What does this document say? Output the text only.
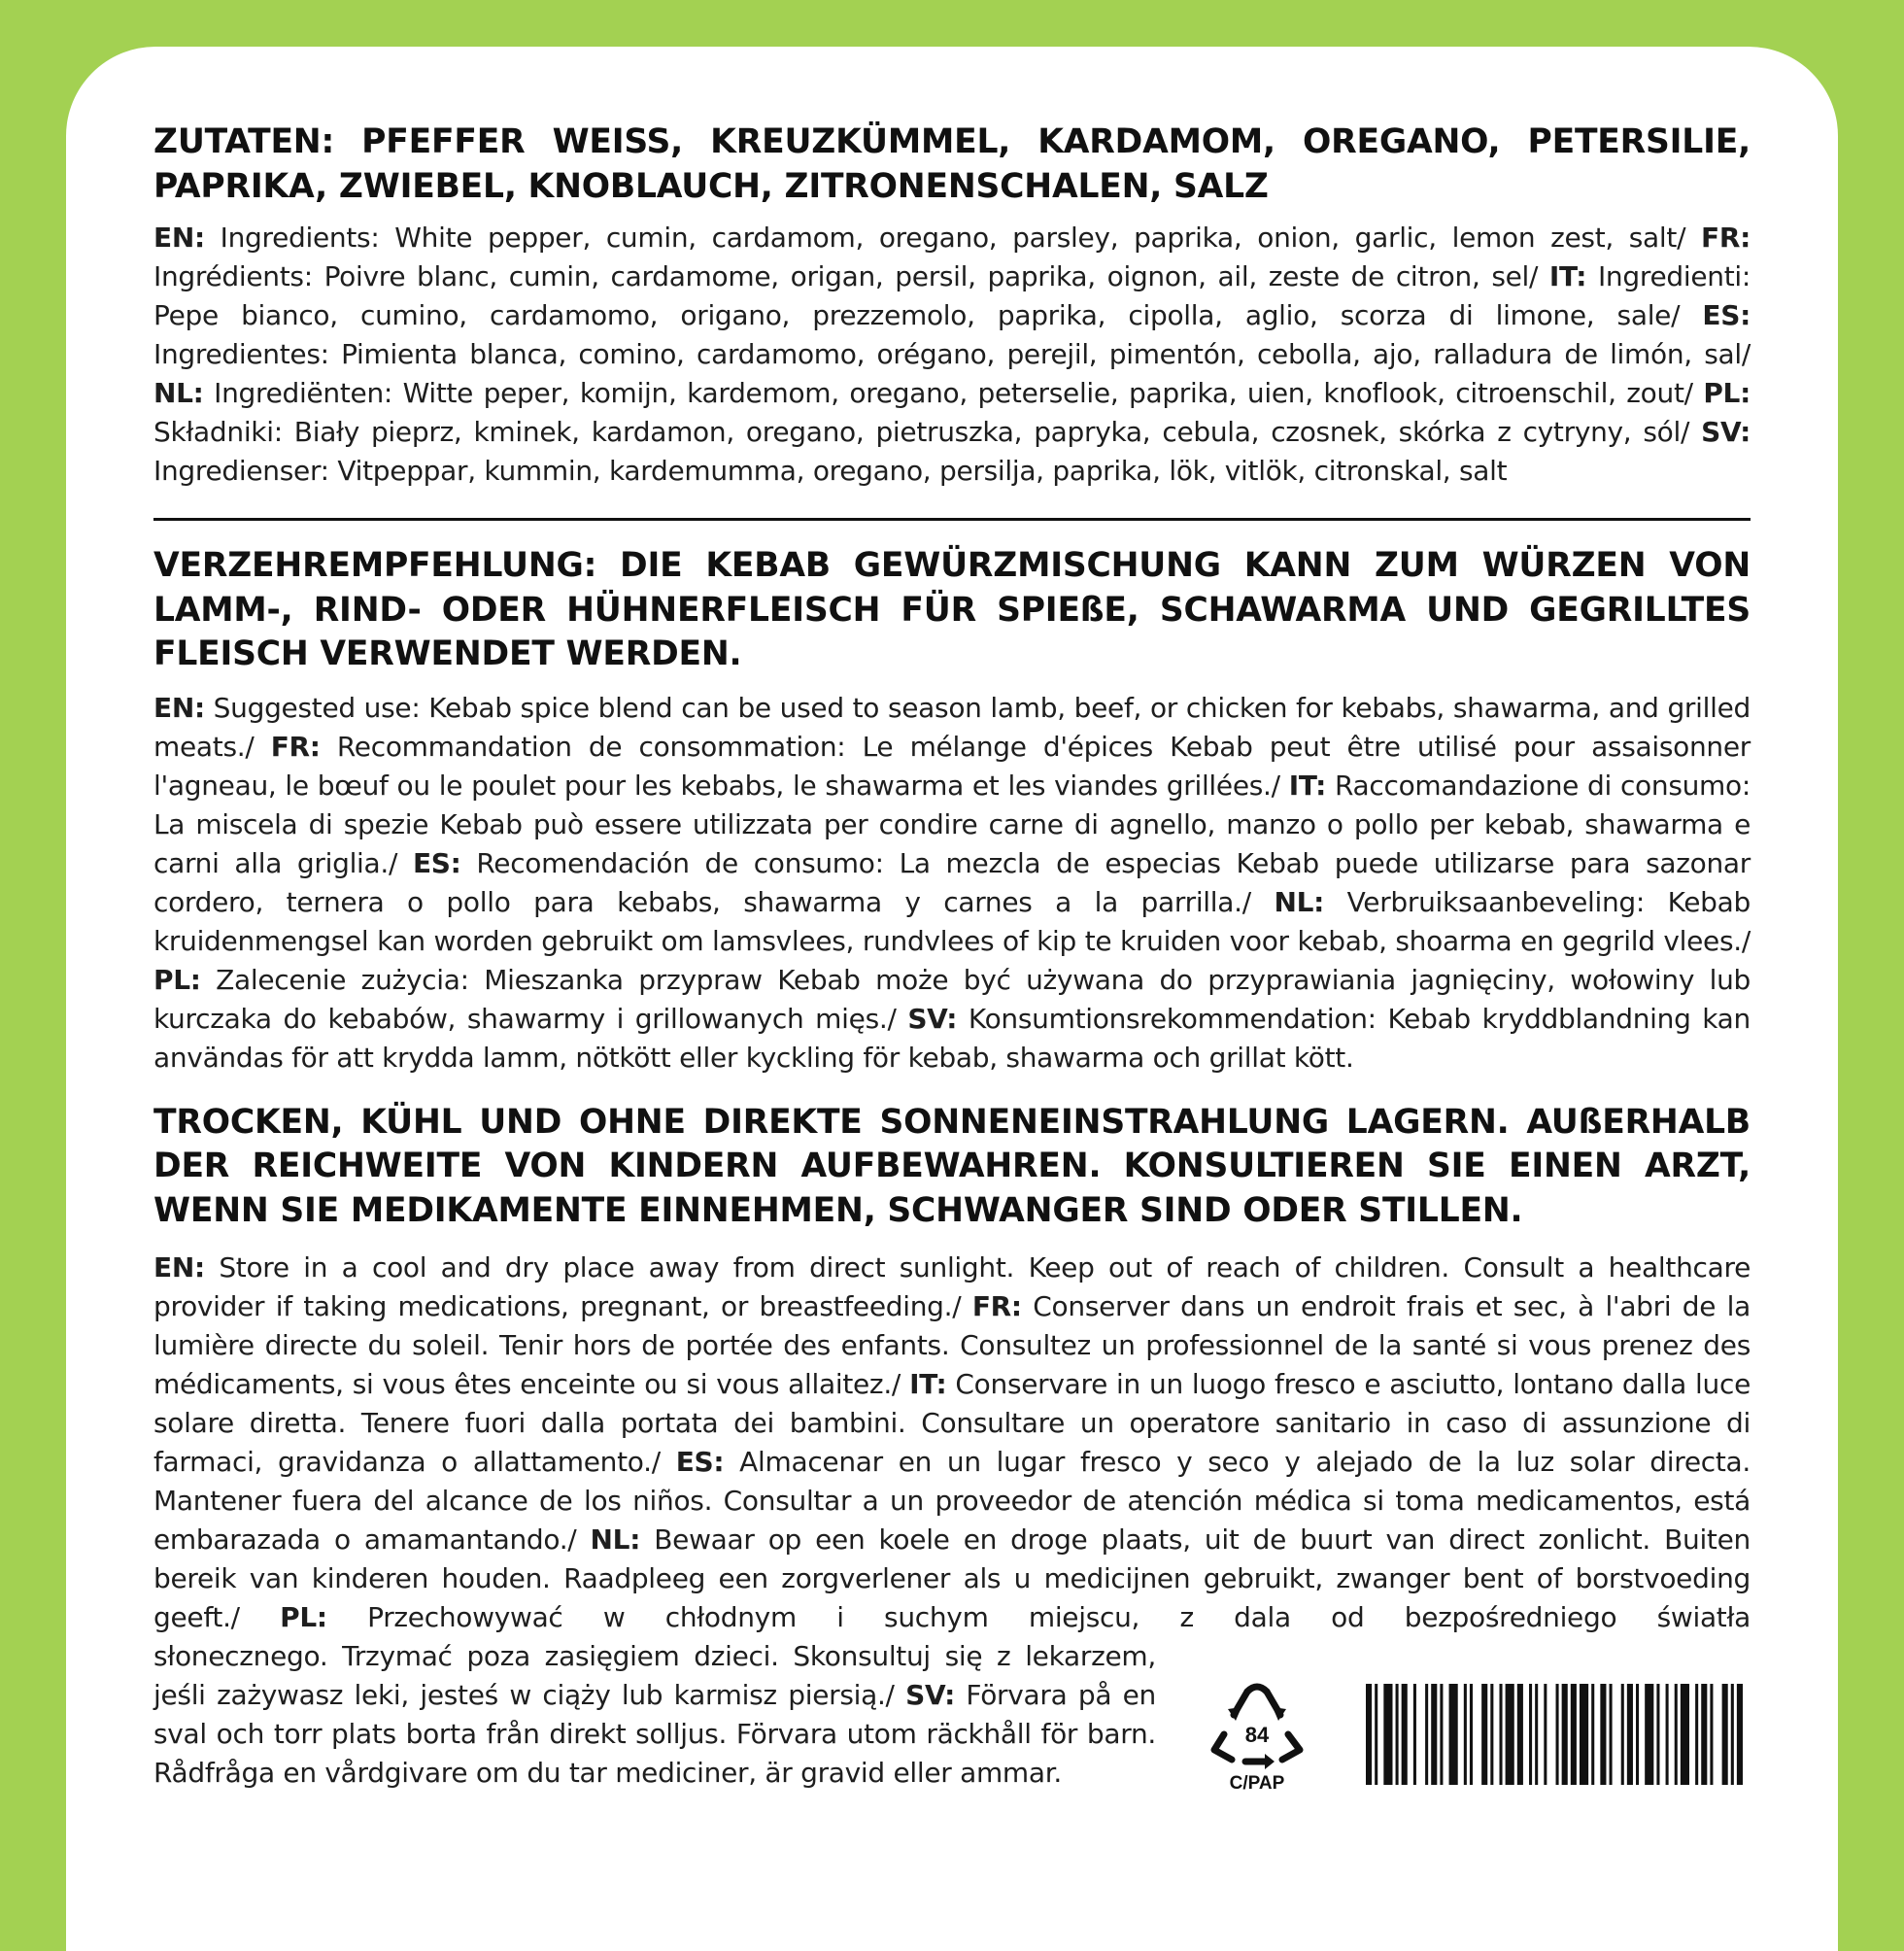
ZUTATEN: PFEFFER WEISS, KREUZKÜMMEL, KARDAMOM, OREGANO, PETERSILIE, PAPRIKA, ZWIEBEL, KNOBLAUCH, ZITRONENSCHALEN, SALZ

EN: Ingredients: White pepper, cumin, cardamom, oregano, parsley, paprika, onion, garlic, lemon zest, salt/ FR: Ingrédients: Poivre blanc, cumin, cardamome, origan, persil, paprika, oignon, ail, zeste de citron, sel/ IT: Ingredienti: Pepe bianco, cumino, cardamomo, origano, prezzemolo, paprika, cipolla, aglio, scorza di limone, sale/ ES: Ingredientes: Pimienta blanca, comino, cardamomo, orégano, perejil, pimentón, cebolla, ajo, ralladura de limón, sal/ NL: Ingrediënten: Witte peper, komijn, kardemom, oregano, peterselie, paprika, uien, knoflook, citroenschil, zout/ PL: Składniki: Biały pieprz, kminek, kardamon, oregano, pietruszka, papryka, cebula, czosnek, skórka z cytryny, sól/ SV: Ingredienser: Vitpeppar, kummin, kardemumma, oregano, persilja, paprika, lök, vitlök, citronskal, salt

VERZEHREMPFEHLUNG: DIE KEBAB GEWÜRZMISCHUNG KANN ZUM WÜRZEN VON LAMM-, RIND- ODER HÜHNERFLEISCH FÜR SPIEßE, SCHAWARMA UND GEGRILLTES FLEISCH VERWENDET WERDEN.

EN: Suggested use: Kebab spice blend can be used to season lamb, beef, or chicken for kebabs, shawarma, and grilled meats./ FR: Recommandation de consommation: Le mélange d'épices Kebab peut être utilisé pour assaisonner l'agneau, le bœuf ou le poulet pour les kebabs, le shawarma et les viandes grillées./ IT: Raccomandazione di consumo: La miscela di spezie Kebab può essere utilizzata per condire carne di agnello, manzo o pollo per kebab, shawarma e carni alla griglia./ ES: Recomendación de consumo: La mezcla de especias Kebab puede utilizarse para sazonar cordero, ternera o pollo para kebabs, shawarma y carnes a la parrilla./ NL: Verbruiksaanbeveling: Kebab kruidenmengsel kan worden gebruikt om lamsvlees, rundvlees of kip te kruiden voor kebab, shoarma en gegrild vlees./ PL: Zalecenie zużycia: Mieszanka przypraw Kebab może być używana do przyprawiania jagnięciny, wołowiny lub kurczaka do kebabów, shawarmy i grillowanych mięs./ SV: Konsumtionsrekommendation: Kebab kryddblandning kan användas för att krydda lamm, nötkött eller kyckling för kebab, shawarma och grillat kött.

TROCKEN, KÜHL UND OHNE DIREKTE SONNENEINSTRAHLUNG LAGERN. AUßERHALB DER REICHWEITE VON KINDERN AUFBEWAHREN. KONSULTIEREN SIE EINEN ARZT, WENN SIE MEDIKAMENTE EINNEHMEN, SCHWANGER SIND ODER STILLEN.

EN: Store in a cool and dry place away from direct sunlight. Keep out of reach of children. Consult a healthcare provider if taking medications, pregnant, or breastfeeding./ FR: Conserver dans un endroit frais et sec, à l'abri de la lumière directe du soleil. Tenir hors de portée des enfants. Consultez un professionnel de la santé si vous prenez des médicaments, si vous êtes enceinte ou si vous allaitez./ IT: Conservare in un luogo fresco e asciutto, lontano dalla luce solare diretta. Tenere fuori dalla portata dei bambini. Consultare un operatore sanitario in caso di assunzione di farmaci, gravidanza o allattamento./ ES: Almacenar en un lugar fresco y seco y alejado de la luz solar directa. Mantener fuera del alcance de los niños. Consultar a un proveedor de atención médica si toma medicamentos, está embarazada o amamantando./ NL: Bewaar op een koele en droge plaats, uit de buurt van direct zonlicht. Buiten bereik van kinderen houden. Raadpleeg een zorgverlener als u medicijnen gebruikt, zwanger bent of borstvoeding geeft./ PL: Przechowywać w chłodnym i suchym miejscu, z dala od bezpośredniego światła

słonecznego. Trzymać poza zasięgiem dzieci. Skonsultuj się z lekarzem, jeśli zażywasz leki, jesteś w ciąży lub karmisz piersią./ SV: Förvara på en sval och torr plats borta från direkt solljus. Förvara utom räckhåll för barn. Rådfråga en vårdgivare om du tar mediciner, är gravid eller ammar.

84
C/PAP
